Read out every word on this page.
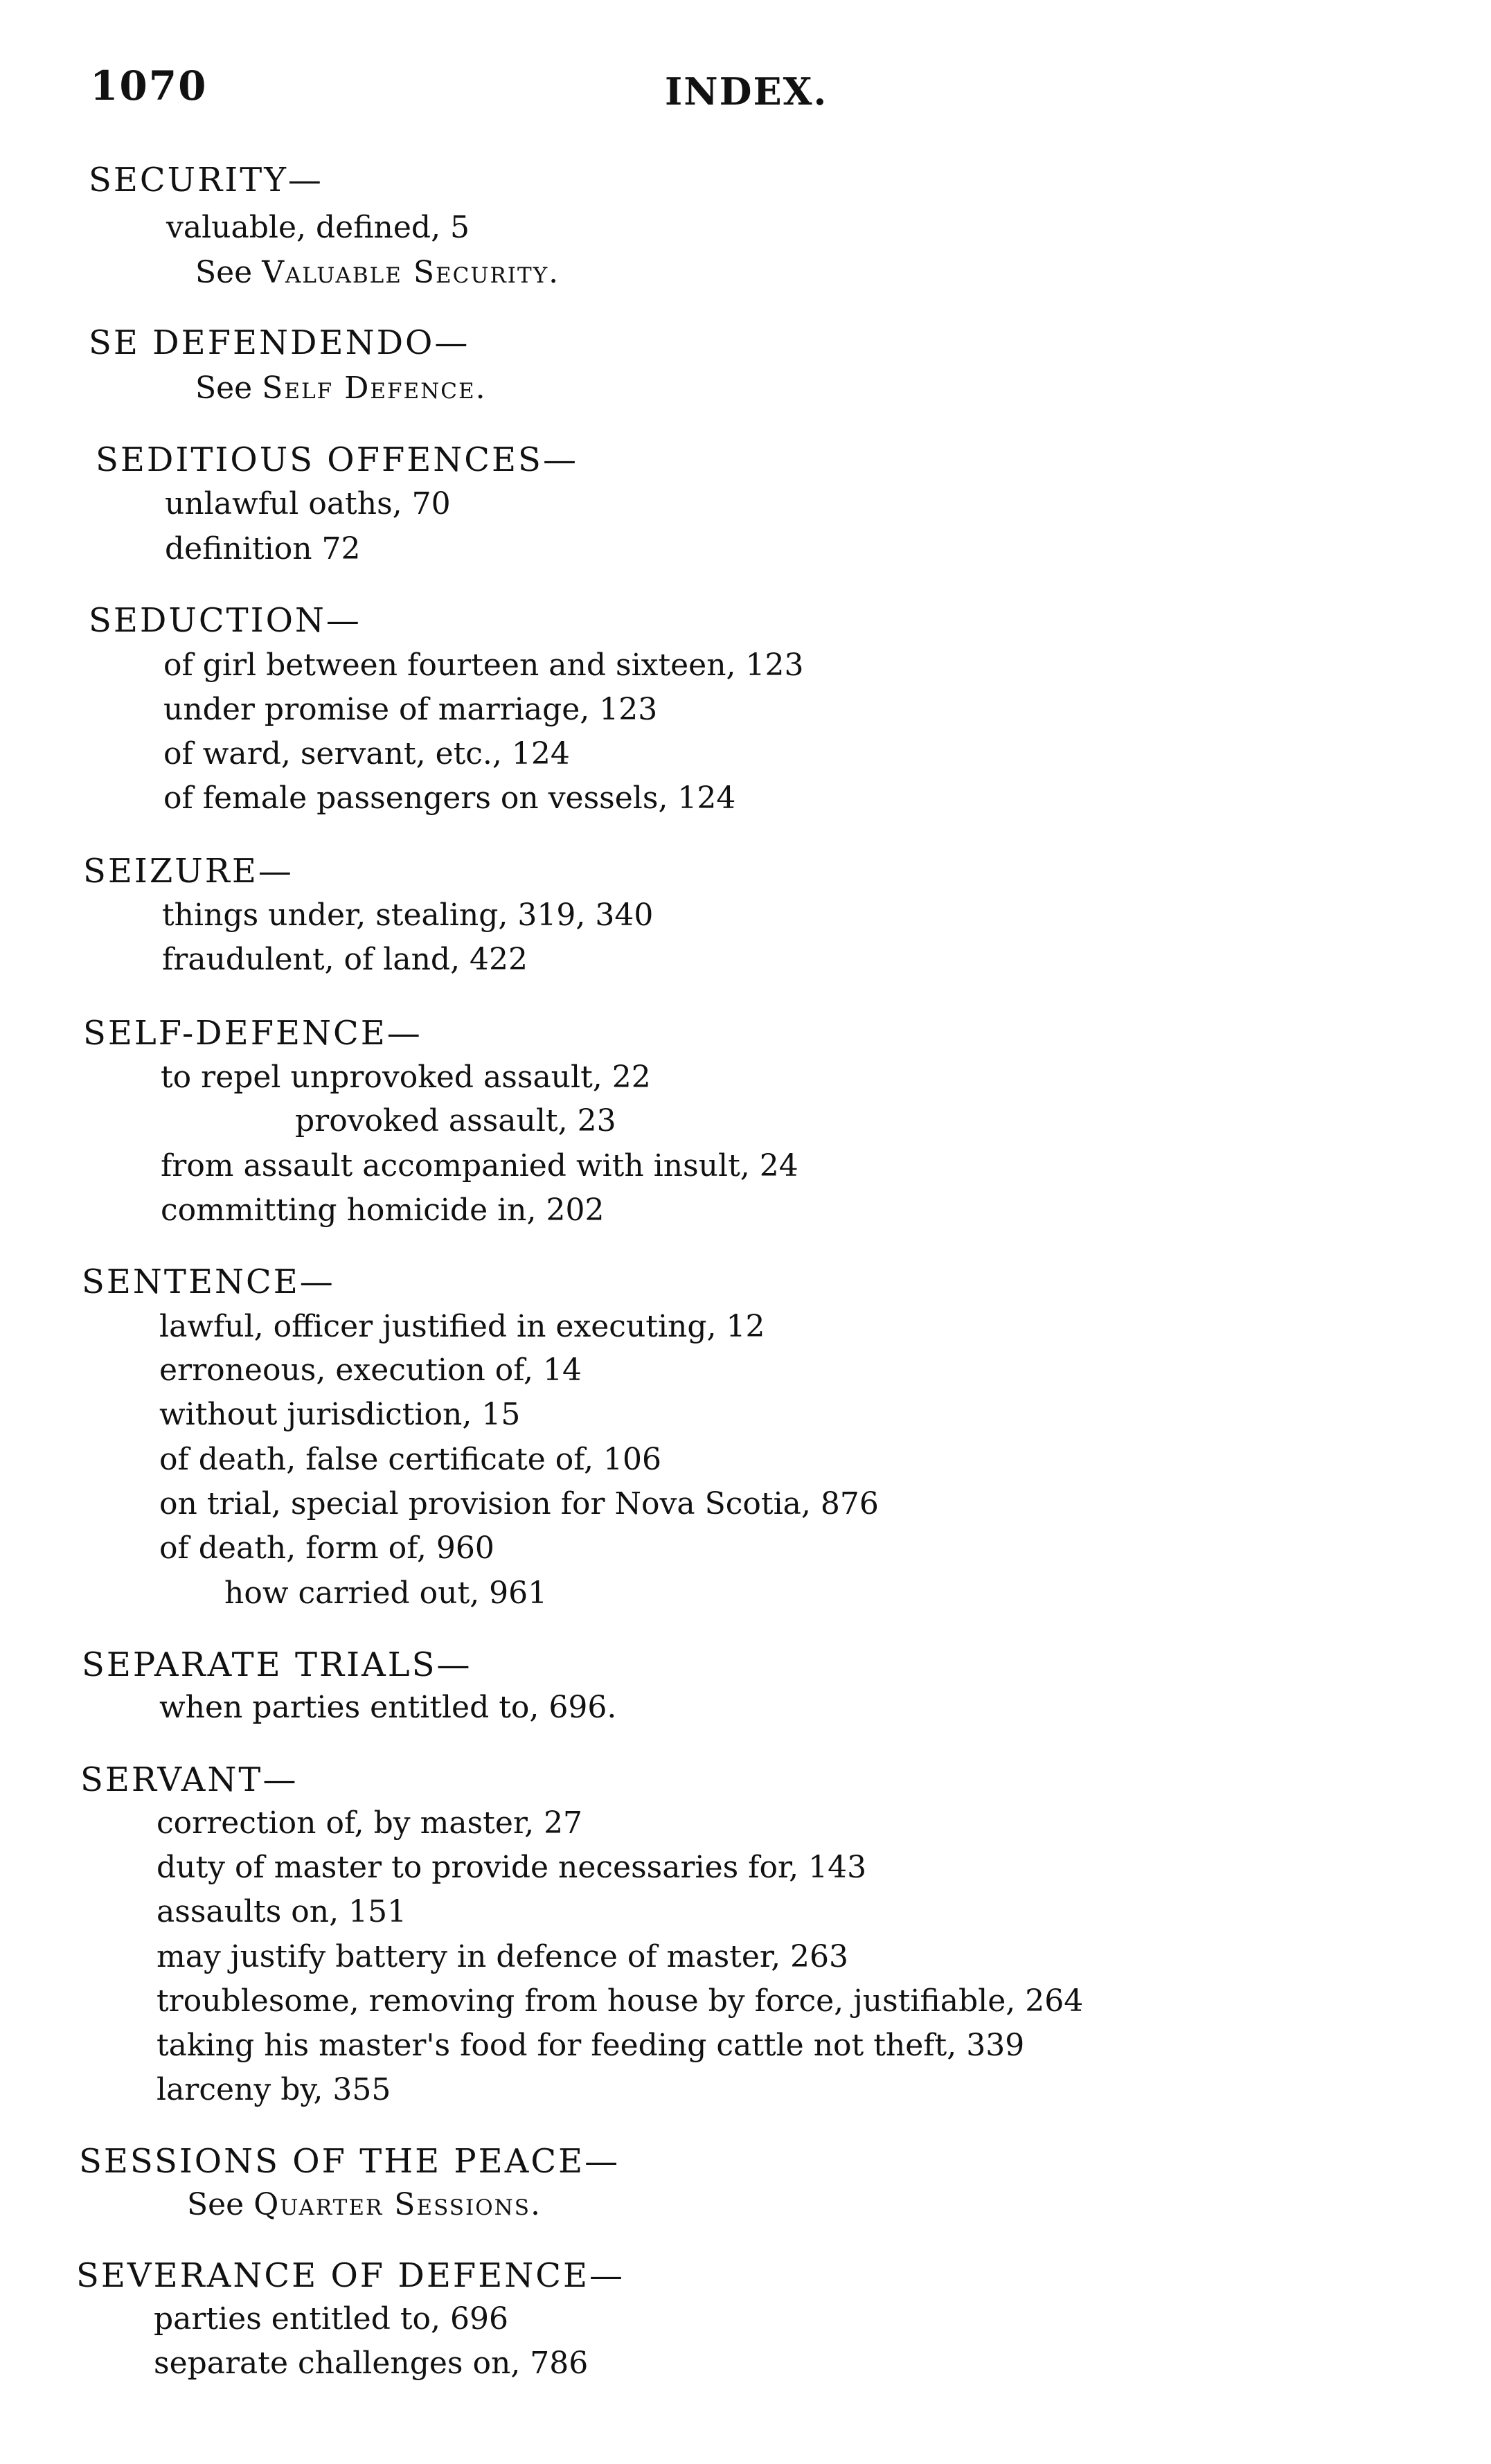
1070	INDEX.
SECURITY—
valuable, defined, 5
See Valuable Security.
SE DEFENDENDO—
See Self Defence.
SEDITIOUS OFFENCES—
unlawful oaths, 70
definition 72
SEDUCTION—
of girl between fourteen and sixteen, 123
under promise of marriage, 123
of ward, servant, etc., 124
of female passengers on vessels, 124
SEIZURE—
things under, stealing, 319, 340
fraudulent, of land, 422
SELF-DEFENCE—
to repel unprovoked assault, 22
provoked assault, 23
from assault accompanied with insult, 24
committing homicide in, 202
SENTENCE—
lawful, officer justified in executing, 12
erroneous, execution of, 14
without jurisdiction, 15
of death, false certificate of, 106
on trial, special provision for Nova Scotia, 876
of death, form of, 960
how carried out, 961
SEPARATE TRIALS—
when parties entitled to, 696.
SERVANT—
correction of, by master, 27
duty of master to provide necessaries for, 143
assaults on, 151
may justify battery in defence of master, 263
troublesome, removing from house by force, justifiable, 264
taking his master's food for feeding cattle not theft, 339
larceny by, 355
SESSIONS OF THE PEACE—
See Quarter Sessions.
SEVERANCE OF DEFENCE—
parties entitled to, 696
separate challenges on, 786
